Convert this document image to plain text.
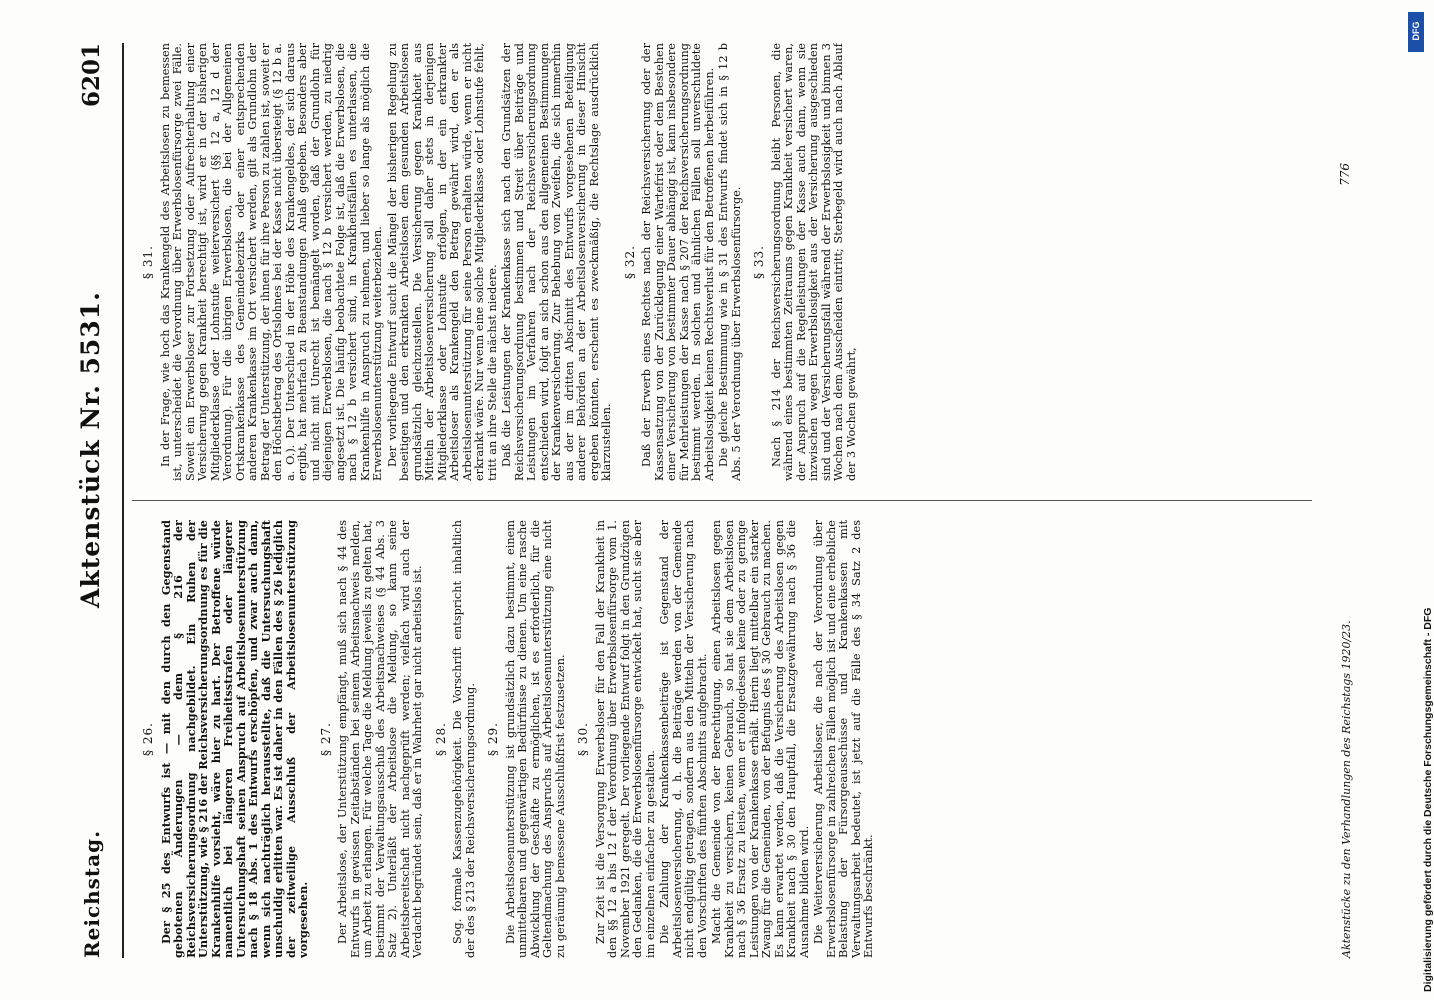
Reichstag.
Aktenstück Nr. 5531.
6201
§ 26. Der § 25 des Entwurfs ist — mit den durch den Gegenstand gebotenen Änderungen — dem § 216 der Reichsversicherungsordnung nachgebildet. Ein Ruhen der Unterstützung, wie § 216 der Reichsversicherungsordnung es für die Krankenhilfe vorsieht, wäre hier zu hart. Der Betroffene würde namentlich bei längeren Freiheitsstrafen oder längerer Untersuchungshaft seinen Anspruch auf Arbeitslosenunterstützung nach § 18 Abs. 1 des Entwurfs erschöpfen, und zwar auch dann, wenn sich nachträglich herausstellte, daß die Untersuchungshaft unschuldig erlitten war. Es ist daher in den Fällen des § 26 lediglich der zeitweilige Ausschluß der Arbeitslosenunterstützung vorgesehen.

§ 27. Der Arbeitslose, der Unterstützung empfängt, muß sich nach § 44 des Entwurfs in gewissen Zeitabständen bei seinem Arbeitsnachweis melden, um Arbeit zu erlangen. Für welche Tage die Meldung jeweils zu gelten hat, bestimmt der Verwaltungsausschuß des Arbeitsnachweises (§ 44 Abs. 3 Satz 2). Unterläßt der Arbeitslose die Meldung, so kann seine Arbeitsbereitschaft nicht nachgeprüft werden; vielfach wird auch der Verdacht begründet sein, daß er in Wahrheit gar nicht arbeitslos ist. § 28. Sog. formale Kassenzugehörigkeit. Die Vorschrift entspricht inhaltlich der des § 213 der Reichsversicherungsordnung. § 29. Die Arbeitslosenunterstützung ist grundsätzlich dazu bestimmt, einem unmittelbaren und gegenwärtigen Bedürfnisse zu dienen. Um eine rasche Abwicklung der Geschäfte zu ermöglichen, ist es erforderlich, für die Geltendmachung des Anspruchs auf Arbeitslosenunterstützung eine nicht zu geräumig bemessene Ausschlußfrist festzusetzen. § 30. Zur Zeit ist die Versorgung Erwerbsloser für den Fall der Krankheit in den §§ 12 a bis 12 f der Verordnung über Erwerbslosenfürsorge vom 1. November 1921 geregelt. Der vorliegende Entwurf folgt in den Grundzügen den Gedanken, die die Erwerbslosenfürsorge entwickelt hat, sucht sie aber im einzelnen einfacher zu gestalten. Die Zahlung der Krankenkassenbeiträge ist Gegenstand der Arbeitslosenversicherung, d. h. die Beiträge werden von der Gemeinde nicht endgültig getragen, sondern aus den Mitteln der Versicherung nach den Vorschriften des fünften Abschnitts aufgebracht. Macht die Gemeinde von der Berechtigung, einen Arbeitslosen gegen Krankheit zu versichern, keinen Gebrauch, so hat sie dem Arbeitslosen nach § 36 Ersatz zu leisten, wenn er infolgedessen keine oder zu geringe Leistungen von der Krankenkasse erhält. Hierin liegt mittelbar ein starker Zwang für die Gemeinden, von der Befugnis des § 30 Gebrauch zu machen. Es kann erwartet werden, daß die Versicherung des Arbeitslosen gegen Krankheit nach § 30 den Hauptfall, die Ersatzgewährung nach § 36 die Ausnahme bilden wird. Die Weiterversicherung Arbeitsloser, die nach der Verordnung über Erwerbslosenfürsorge in zahlreichen Fällen möglich ist und eine erhebliche Belastung der Fürsorgeausschüsse und Krankenkassen mit Verwaltungsarbeit bedeutet, ist jetzt auf die Fälle des § 34 Satz 2 des Entwurfs beschränkt.

§ 31. In der Frage, wie hoch das Krankengeld des Arbeitslosen zu bemessen ist, unterscheidet die Verordnung über Erwerbslosenfürsorge zwei Fälle. Soweit ein Erwerbsloser zur Fortsetzung oder Aufrechterhaltung einer Versicherung gegen Krankheit berechtigt ist, wird er in der bisherigen Mitgliederklasse oder Lohnstufe weiterversichert (§§ 12 a, 12 d der Verordnung). Für die übrigen Erwerbslosen, die bei der Allgemeinen Ortskrankenkasse des Gemeindebezirks oder einer entsprechenden anderen Krankenkasse im Ort versichert werden, gilt als Grundlohn der Betrag der Unterstützung, der ihnen für ihre Person zu zahlen ist, soweit er den Höchstbetrag des Ortslohnes bei der Kasse nicht übersteigt (§ 12 b a. a. O.). Der Unterschied in der Höhe des Krankengeldes, der sich daraus ergibt, hat mehrfach zu Beanstandungen Anlaß gegeben. Besonders aber und nicht mit Unrecht ist bemängelt worden, daß der Grundlohn für diejenigen Erwerbslosen, die nach § 12 b versichert werden, zu niedrig angesetzt ist. Die häufig beobachtete Folge ist, daß die Erwerbslosen, die nach § 12 b versichert sind, in Krankheitsfällen es unterlassen, die Krankenhilfe in Anspruch zu nehmen, und lieber so lange als möglich die Erwerbslosenunterstützung weiterbeziehen. Der vorliegende Entwurf sucht die Mängel der bisherigen Regelung zu beseitigen und den erkrankten Arbeitslosen dem gesunden Arbeitslosen grundsätzlich gleichzustellen. Die Versicherung gegen Krankheit aus Mitteln der Arbeitslosenversicherung soll daher stets in derjenigen Mitgliederklasse oder Lohnstufe erfolgen, in der ein erkrankter Arbeitsloser als Krankengeld den Betrag gewährt wird, den er als Arbeitslosenunterstützung für seine Person erhalten würde, wenn er nicht erkrankt wäre. Nur wenn eine solche Mitgliederklasse oder Lohnstufe fehlt, tritt an ihre Stelle die nächst niedere. Daß die Leistungen der Krankenkasse sich nach den Grundsätzen der Reichsversicherungsordnung bestimmen und Streit über Beiträge und Leistungen im Verfahren nach der Reichsversicherungsordnung entschieden wird, folgt an sich schon aus den allgemeinen Bestimmungen der Krankenversicherung. Zur Behebung von Zweifeln, die sich immerhin aus der im dritten Abschnitt des Entwurfs vorgesehenen Beteiligung anderer Behörden an der Arbeitslosenversicherung in dieser Hinsicht ergeben könnten, erscheint es zweckmäßig, die Rechtslage ausdrücklich klarzustellen.

§ 32. Daß der Erwerb eines Rechtes nach der Reichsversicherung oder der Kassensatzung von der Zurücklegung einer Wartefrist oder dem Bestehen einer Versicherung von bestimmter Dauer abhängig ist, kann insbesondere für Mehrleistungen der Kasse nach § 207 der Reichsversicherungsordnung bestimmt werden. In solchen und ähnlichen Fällen soll unverschuldete Arbeitslosigkeit keinen Rechtsverlust für den Betroffenen herbeiführen. Die gleiche Bestimmung wie in § 31 des Entwurfs findet sich in § 12 b Abs. 5 der Verordnung über Erwerbslosenfürsorge. § 33. Nach § 214 der Reichsversicherungsordnung bleibt Personen, die während eines bestimmten Zeitraums gegen Krankheit versichert waren, der Anspruch auf die Regelleistungen der Kasse auch dann, wenn sie inzwischen wegen Erwerbslosigkeit aus der Versicherung ausgeschieden sind und der Versicherungsfall während der Erwerbslosigkeit und binnen 3 Wochen nach dem Ausscheiden eintritt; Sterbegeld wird auch nach Ablauf der 3 Wochen gewährt,

Aktenstücke zu den Verhandlungen des Reichstags 1920/23.
776
Digitalisierung gefördert durch die Deutsche Forschungsgemeinschaft - DFG
DFG
